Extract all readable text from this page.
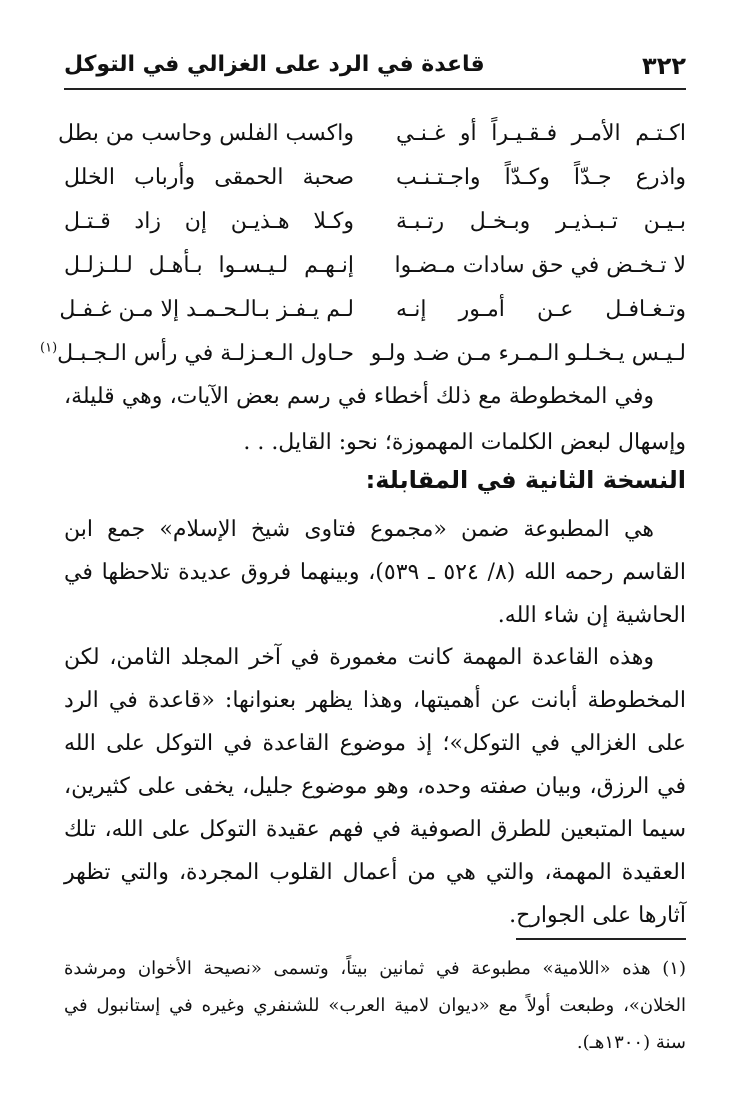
٣٢٢
قاعدة في الرد على الغزالي في التوكل
اكـتـم الأمـر فـقـيـراً أو غـنـي
واكسب الفلس وحاسب من بطل
واذرع جـدّاً وكـدّاً واجـتـنـب
صحبة الحمقى وأرباب الخلل
بـيـن تـبـذيـر وبـخـل رتـبـة
وكـلا هـذيـن إن زاد قـتـل
لا تـخـض في حق سادات مـضـوا
إنـهـم لـيـسـوا بـأهـل لـلـزلـل
وتـغـافـل عـن أمـور إنـه
لـم يـفـز بـالـحـمـد إلا مـن غـفـل
لـيـس يـخـلـو الـمـرء مـن ضـد ولـو
حـاول الـعـزلـة في رأس الـجـبـل$^{(١)}$

وفي المخطوطة مع ذلك أخطاء في رسم بعض الآيات، وهي قليلة، وإسهال لبعض الكلمات المهموزة؛ نحو: القايل. . .

النسخة الثانية في المقابلة:

هي المطبوعة ضمن «مجموع فتاوى شيخ الإسلام» جمع ابن القاسم رحمه الله (٨/ ٥٢٤ ـ ٥٣٩)، وبينهما فروق عديدة تلاحظها في الحاشية إن شاء الله.

وهذه القاعدة المهمة كانت مغمورة في آخر المجلد الثامن، لكن المخطوطة أبانت عن أهميتها، وهذا يظهر بعنوانها: «قاعدة في الرد على الغزالي في التوكل»؛ إذ موضوع القاعدة في التوكل على الله في الرزق، وبيان صفته وحده، وهو موضوع جليل، يخفى على كثيرين، سيما المتبعين للطرق الصوفية في فهم عقيدة التوكل على الله، تلك العقيدة المهمة، والتي هي من أعمال القلوب المجردة، والتي تظهر آثارها على الجوارح.

(١) هذه «اللامية» مطبوعة في ثمانين بيتاً، وتسمى «نصيحة الأخوان ومرشدة الخلان»، وطبعت أولاً مع «ديوان لامية العرب» للشنفري وغيره في إستانبول في سنة (١٣٠٠هـ).
